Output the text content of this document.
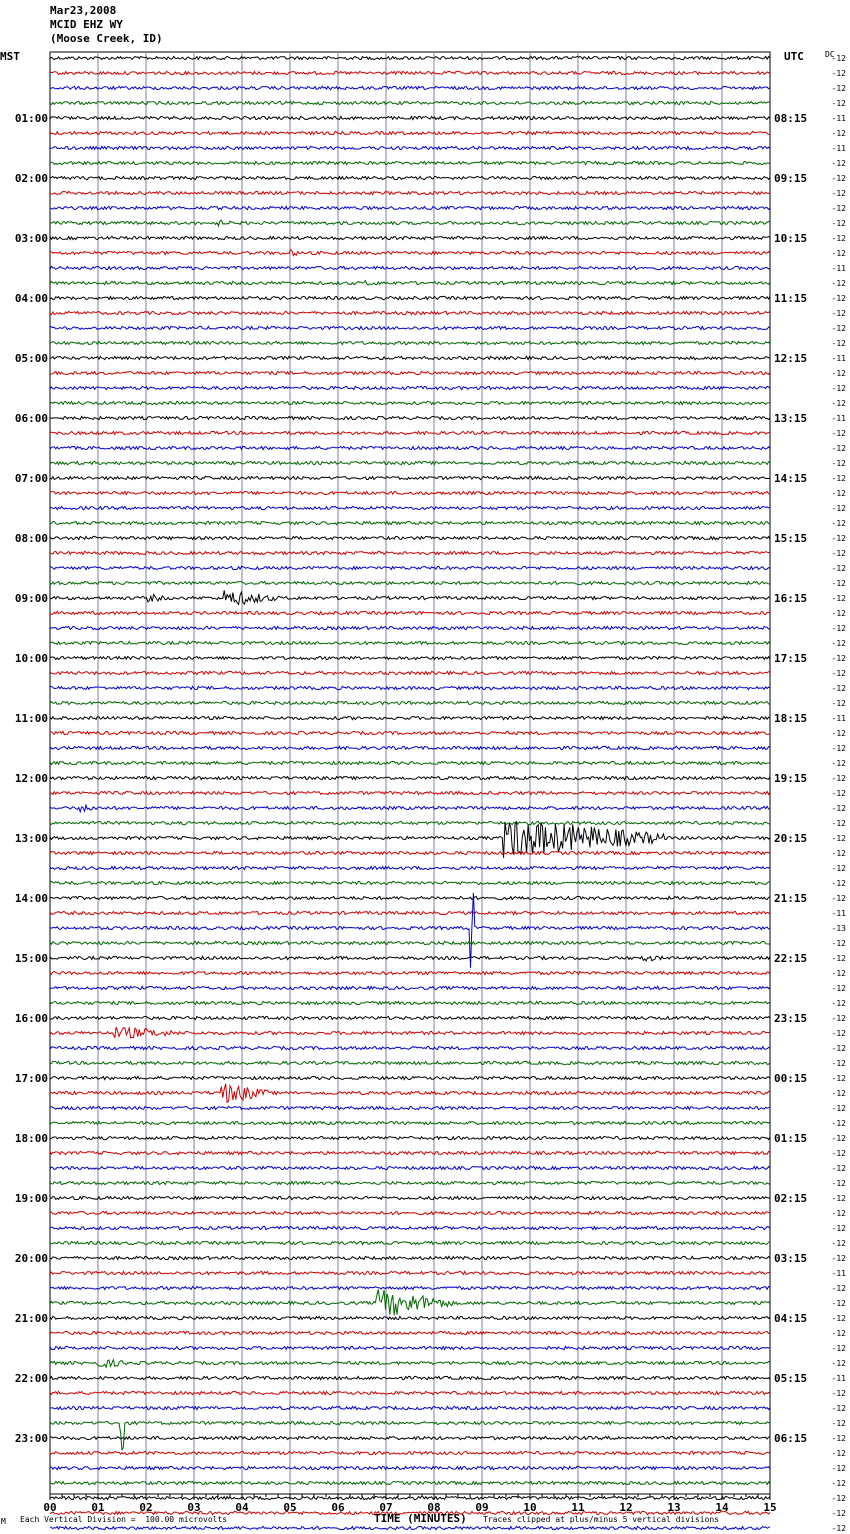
Mar23,2008
MCID EHZ WY
(Moose Creek, ID)
MST	UTC	DC
01:00
02:00
03:00
04:00
05:00
06:00
07:00
08:00
09:00
10:00
11:00
12:00
13:00
14:00
15:00
16:00
17:00
18:00
19:00
20:00
21:00
22:00
23:00
08:15
09:15
10:15
11:15
12:15
13:15
14:15
15:15
16:15
17:15
18:15
19:15
20:15
21:15
22:15
23:15
00:15
01:15
02:15
03:15
04:15
05:15
06:15
-12
-12
-12
-12
-11
-12
-11
-12
-12
-12
-12
-12
-12
-12
-11
-12
-12
-12
-12
-12
-11
-12
-12
-12
-11
-12
-12
-12
-12
-12
-12
-12
-12
-12
-12
-12
-12
-12
-12
-12
-12
-12
-12
-12
-11
-12
-12
-12
-12
-12
-12
-12
-12
-12
-12
-12
-12
-11
-13
-12
-12
-12
-12
-12
-12
-12
-12
-12
-12
-12
-12
-12
-12
-12
-12
-12
-12
-12
-12
-12
-12
-11
-12
-12
-12
-12
-12
-12
-11
-12
-12
-12
-12
-12
-12
-12
-12
-12
-12
00	01	02	03	04	05	06	07	08	09	10	11	12	13	14	15
M Each Vertical Division =  100.00 microvolts	TIME (MINUTES) Traces clipped at plus/minus 5 vertical divisions
